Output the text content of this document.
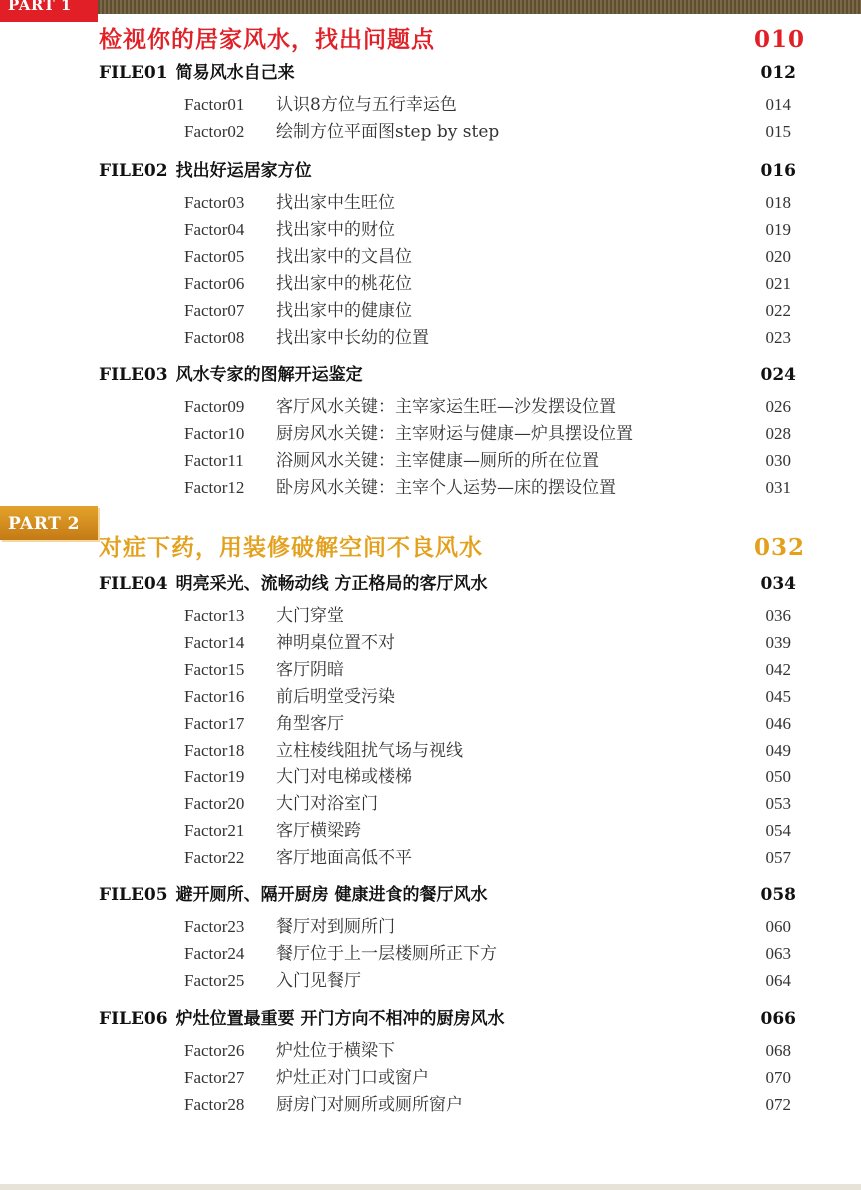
PART 1
PART 2
检视你的居家风水，找出问题点	010
FILE01 简易风水自己来	012
Factor01 认识8方位与五行幸运色	014
Factor02 绘制方位平面图step by step	015
FILE02 找出好运居家方位	016
Factor03 找出家中生旺位	018
Factor04 找出家中的财位	019
Factor05 找出家中的文昌位	020
Factor06 找出家中的桃花位	021
Factor07 找出家中的健康位	022
Factor08 找出家中长幼的位置	023
FILE03 风水专家的图解开运鉴定	024
Factor09 客厅风水关键：主宰家运生旺—沙发摆设位置	026
Factor10 厨房风水关键：主宰财运与健康—炉具摆设位置	028
Factor11 浴厕风水关键：主宰健康—厕所的所在位置	030
Factor12 卧房风水关键：主宰个人运势—床的摆设位置	031
对症下药，用装修破解空间不良风水	032
FILE04 明亮采光、流畅动线 方正格局的客厅风水	034
Factor13 大门穿堂	036
Factor14 神明桌位置不对	039
Factor15 客厅阴暗	042
Factor16 前后明堂受污染	045
Factor17 角型客厅	046
Factor18 立柱棱线阻扰气场与视线	049
Factor19 大门对电梯或楼梯	050
Factor20 大门对浴室门	053
Factor21 客厅横梁跨	054
Factor22 客厅地面高低不平	057
FILE05 避开厕所、隔开厨房 健康进食的餐厅风水	058
Factor23 餐厅对到厕所门	060
Factor24 餐厅位于上一层楼厕所正下方	063
Factor25 入门见餐厅	064
FILE06 炉灶位置最重要 开门方向不相冲的厨房风水	066
Factor26 炉灶位于横梁下	068
Factor27 炉灶正对门口或窗户	070
Factor28 厨房门对厕所或厕所窗户	072
